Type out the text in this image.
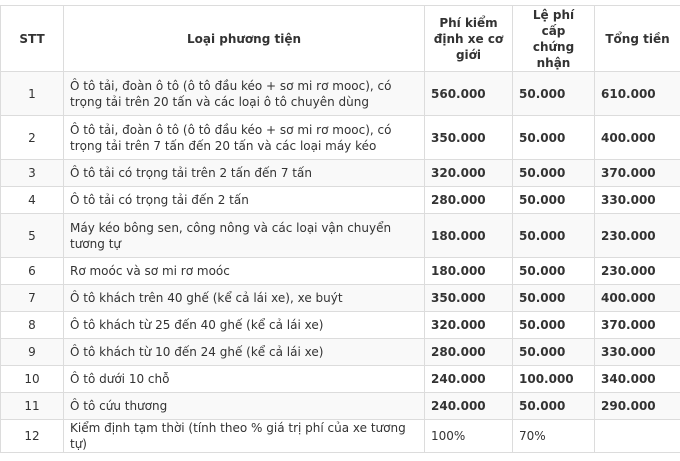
STT	Loại phương tiện	Phí kiểm định xe cơ giới	Lệ phí cấp chứng nhận	Tổng tiền
1	Ô tô tải, đoàn ô tô (ô tô đầu kéo + sơ mi rơ mooc), có trọng tải trên 20 tấn và các loại ô tô chuyên dùng	560.000	50.000	610.000
2	Ô tô tải, đoàn ô tô (ô tô đầu kéo + sơ mi rơ mooc), có trọng tải trên 7 tấn đến 20 tấn và các loại máy kéo	350.000	50.000	400.000
3	Ô tô tải có trọng tải trên 2 tấn đến 7 tấn	320.000	50.000	370.000
4	Ô tô tải có trọng tải đến 2 tấn	280.000	50.000	330.000
5	Máy kéo bông sen, công nông và các loại vận chuyển tương tự	180.000	50.000	230.000
6	Rơ moóc và sơ mi rơ moóc	180.000	50.000	230.000
7	Ô tô khách trên 40 ghế (kể cả lái xe), xe buýt	350.000	50.000	400.000
8	Ô tô khách từ 25 đến 40 ghế (kể cả lái xe)	320.000	50.000	370.000
9	Ô tô khách từ 10 đến 24 ghế (kể cả lái xe)	280.000	50.000	330.000
10	Ô tô dưới 10 chỗ	240.000	100.000	340.000
11	Ô tô cứu thương	240.000	50.000	290.000
12	Kiểm định tạm thời (tính theo % giá trị phí của xe tương tự)	100%	70%	
